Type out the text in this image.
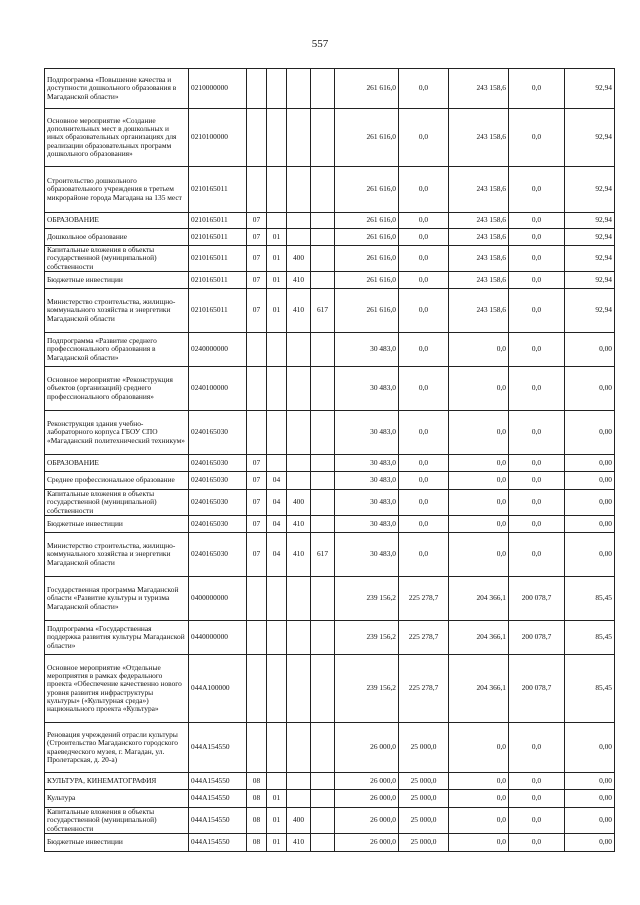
557
Подпрограмма «Повышение качества и доступности дошкольного образования в Магаданской области»	0210000000					261 616,0	0,0	243 158,6	0,0	92,94
Основное мероприятие «Создание дополнительных мест в дошкольных и иных образовательных организациях для реализации образовательных программ дошкольного образования»	0210100000					261 616,0	0,0	243 158,6	0,0	92,94
Строительство дошкольного образовательного учреждения в третьем микрорайоне города Магадана на 135 мест	0210165011					261 616,0	0,0	243 158,6	0,0	92,94
ОБРАЗОВАНИЕ	0210165011	07				261 616,0	0,0	243 158,6	0,0	92,94
Дошкольное образование	0210165011	07	01			261 616,0	0,0	243 158,6	0,0	92,94
Капитальные вложения в объекты государственной (муниципальной) собственности	0210165011	07	01	400		261 616,0	0,0	243 158,6	0,0	92,94
Бюджетные инвестиции	0210165011	07	01	410		261 616,0	0,0	243 158,6	0,0	92,94
Министерство строительства, жилищно-коммунального хозяйства и энергетики Магаданской области	0210165011	07	01	410	617	261 616,0	0,0	243 158,6	0,0	92,94
Подпрограмма «Развитие среднего профессионального образования в Магаданской области»	0240000000					30 483,0	0,0	0,0	0,0	0,00
Основное мероприятие «Реконструкция объектов (организаций) среднего профессионального образования»	0240100000					30 483,0	0,0	0,0	0,0	0,00
Реконструкция здания учебно-лабораторного корпуса ГБОУ СПО «Магаданский политехнический техникум»	0240165030					30 483,0	0,0	0,0	0,0	0,00
ОБРАЗОВАНИЕ	0240165030	07				30 483,0	0,0	0,0	0,0	0,00
Среднее профессиональное образование	0240165030	07	04			30 483,0	0,0	0,0	0,0	0,00
Капитальные вложения в объекты государственной (муниципальной) собственности	0240165030	07	04	400		30 483,0	0,0	0,0	0,0	0,00
Бюджетные инвестиции	0240165030	07	04	410		30 483,0	0,0	0,0	0,0	0,00
Министерство строительства, жилищно-коммунального хозяйства и энергетики Магаданской области	0240165030	07	04	410	617	30 483,0	0,0	0,0	0,0	0,00
Государственная программа Магаданской области «Развитие культуры и туризма Магаданской области»	0400000000					239 156,2	225 278,7	204 366,1	200 078,7	85,45
Подпрограмма «Государственная поддержка развития культуры Магаданской области»	0440000000					239 156,2	225 278,7	204 366,1	200 078,7	85,45
Основное мероприятие «Отдельные мероприятия в рамках федерального проекта «Обеспечение качественно нового уровня развития инфраструктуры культуры» («Культурная среда») национального проекта «Культура»	044A100000					239 156,2	225 278,7	204 366,1	200 078,7	85,45
Реновация учреждений отрасли культуры (Строительство Магаданского городского краеведческого музея, г. Магадан, ул. Пролетарская, д. 20-а)	044A154550					26 000,0	25 000,0	0,0	0,0	0,00
КУЛЬТУРА, КИНЕМАТОГРАФИЯ	044A154550	08				26 000,0	25 000,0	0,0	0,0	0,00
Культура	044A154550	08	01			26 000,0	25 000,0	0,0	0,0	0,00
Капитальные вложения в объекты государственной (муниципальной) собственности	044A154550	08	01	400		26 000,0	25 000,0	0,0	0,0	0,00
Бюджетные инвестиции	044A154550	08	01	410		26 000,0	25 000,0	0,0	0,0	0,00
